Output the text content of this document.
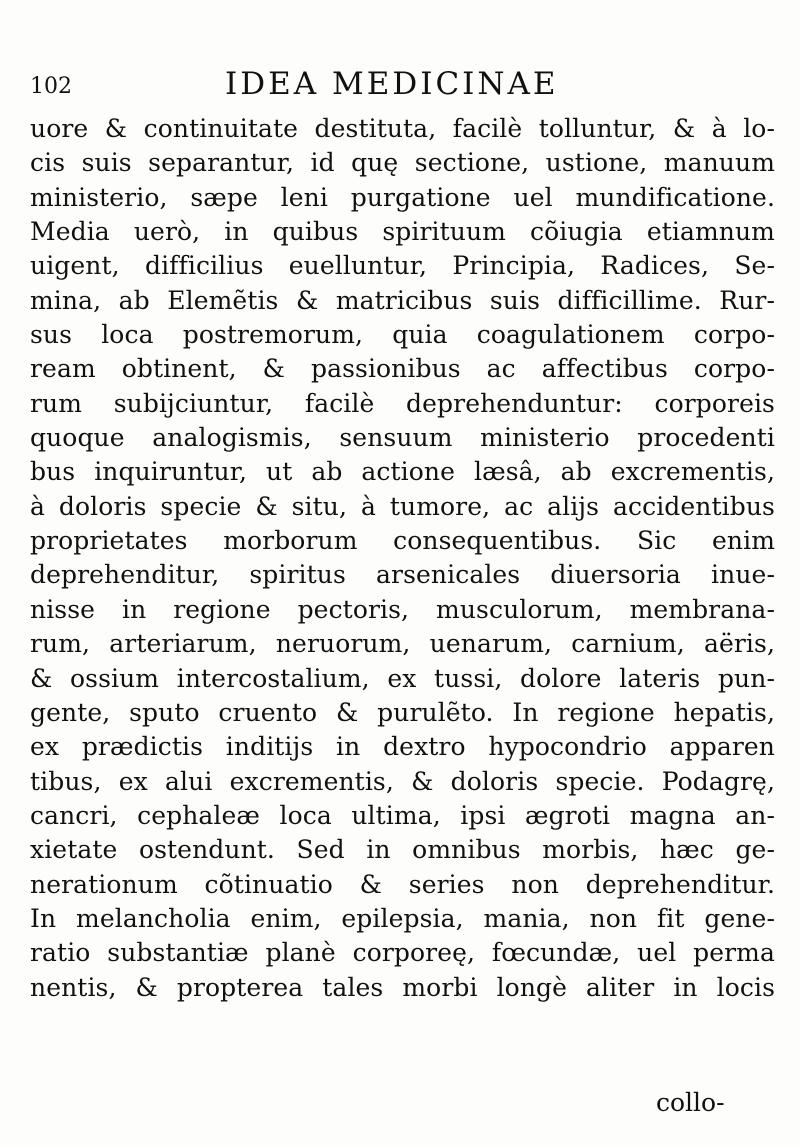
102	IDEA MEDICINAE
uore & continuitate destituta, facilè tolluntur, & à lo-
cis suis separantur, id quę sectione, ustione, manuum
ministerio, sæpe leni purgatione uel mundificatione.
Media uerò, in quibus spirituum cõiugia etiamnum
uigent, difficilius euelluntur, Principia, Radices, Se-
mina, ab Elemẽtis & matricibus suis difficillime. Rur-
sus loca postremorum, quia coagulationem corpo-
ream obtinent, & passionibus ac affectibus corpo-
rum subijciuntur, facilè deprehenduntur: corporeis
quoque analogismis, sensuum ministerio procedenti
bus inquiruntur, ut ab actione læsâ, ab excrementis,
à doloris specie & situ, à tumore, ac alijs accidentibus
proprietates morborum consequentibus. Sic enim
deprehenditur, spiritus arsenicales diuersoria inue-
nisse in regione pectoris, musculorum, membrana-
rum, arteriarum, neruorum, uenarum, carnium, aëris,
& ossium intercostalium, ex tussi, dolore lateris pun-
gente, sputo cruento & purulẽto. In regione hepatis,
ex prædictis inditijs in dextro hypocondrio apparen
tibus, ex alui excrementis, & doloris specie. Podagrę,
cancri, cephaleæ loca ultima, ipsi ægroti magna an-
xietate ostendunt. Sed in omnibus morbis, hæc ge-
nerationum cõtinuatio & series non deprehenditur.
In melancholia enim, epilepsia, mania, non fit gene-
ratio substantiæ planè corporeę, fœcundæ, uel perma
nentis, & propterea tales morbi longè aliter in locis
collo-
